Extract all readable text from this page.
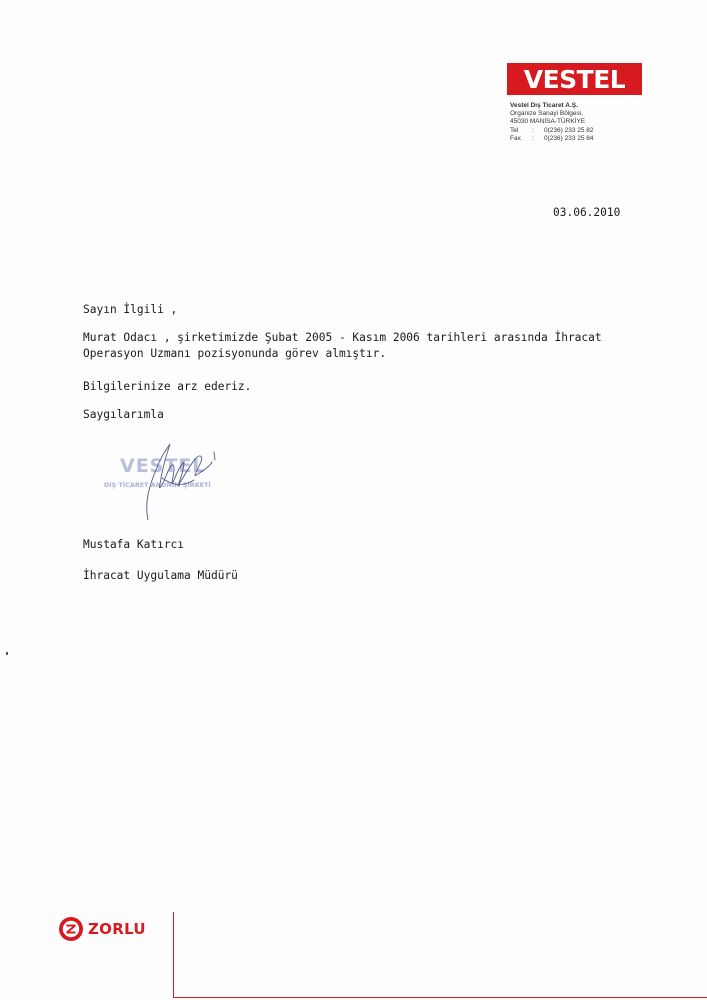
VESTEL
Vestel Dış Ticaret A.Ş.
Organize Sanayi Bölgesi,
45030 MANİSA-TÜRKİYE
Tel	:	0(236) 233 25 82
Fax	:	0(236) 233 25 84
03.06.2010
Sayın İlgili ,
Murat Odacı , şirketimizde Şubat 2005 - Kasım 2006 tarihleri arasında İhracat
Operasyon Uzmanı pozisyonunda görev almıştır.
Bilgilerinize arz ederiz.
Saygılarımla
VESTEL
DIŞ TİCARET ANONİM ŞİRKETİ
Mustafa Katırcı
İhracat Uygulama Müdürü
ZORLU
